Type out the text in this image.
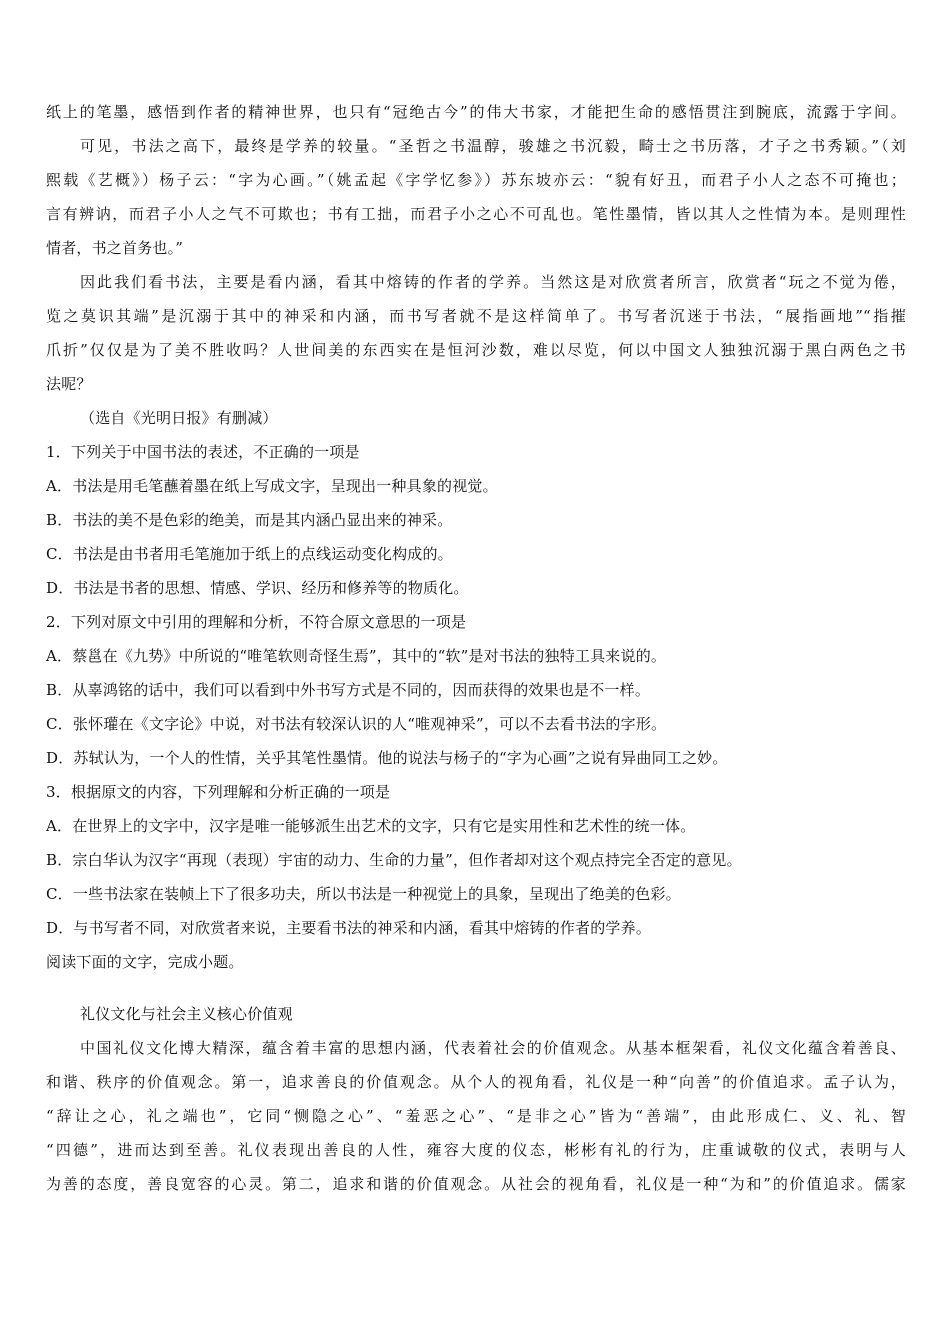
纸上的笔墨，感悟到作者的精神世界，也只有“冠绝古今”的伟大书家，才能把生命的感悟贯注到腕底，流露于字间。
可见，书法之高下，最终是学养的较量。“圣哲之书温醇，骏雄之书沉毅，畸士之书历落，才子之书秀颖。”（刘
熙载《艺概》）杨子云：“字为心画。”（姚孟起《字学忆参》）苏东坡亦云：“貌有好丑，而君子小人之态不可掩也；
言有辨讷，而君子小人之气不可欺也；书有工拙，而君子小之心不可乱也。笔性墨情，皆以其人之性情为本。是则理性
情者，书之首务也。”
因此我们看书法，主要是看内涵，看其中熔铸的作者的学养。当然这是对欣赏者所言，欣赏者“玩之不觉为倦，
览之莫识其端”是沉溺于其中的神采和内涵，而书写者就不是这样简单了。书写者沉迷于书法，“展指画地”“指摧
爪折”仅仅是为了美不胜收吗？人世间美的东西实在是恒河沙数，难以尽览，何以中国文人独独沉溺于黑白两色之书
法呢？
（选自《光明日报》有删减）
1．下列关于中国书法的表述，不正确的一项是
A．书法是用毛笔蘸着墨在纸上写成文字，呈现出一种具象的视觉。
B．书法的美不是色彩的绝美，而是其内涵凸显出来的神采。
C．书法是由书者用毛笔施加于纸上的点线运动变化构成的。
D．书法是书者的思想、情感、学识、经历和修养等的物质化。
2．下列对原文中引用的理解和分析，不符合原文意思的一项是
A．蔡邕在《九势》中所说的“唯笔软则奇怪生焉”，其中的“软”是对书法的独特工具来说的。
B．从辜鸿铭的话中，我们可以看到中外书写方式是不同的，因而获得的效果也是不一样。
C．张怀瓘在《文字论》中说，对书法有较深认识的人“唯观神采”，可以不去看书法的字形。
D．苏轼认为，一个人的性情，关乎其笔性墨情。他的说法与杨子的“字为心画”之说有异曲同工之妙。
3．根据原文的内容，下列理解和分析正确的一项是
A．在世界上的文字中，汉字是唯一能够派生出艺术的文字，只有它是实用性和艺术性的统一体。
B．宗白华认为汉字“再现（表现）宇宙的动力、生命的力量”，但作者却对这个观点持完全否定的意见。
C．一些书法家在装帧上下了很多功夫，所以书法是一种视觉上的具象，呈现出了绝美的色彩。
D．与书写者不同，对欣赏者来说，主要看书法的神采和内涵，看其中熔铸的作者的学养。
阅读下面的文字，完成小题。
礼仪文化与社会主义核心价值观
中国礼仪文化博大精深，蕴含着丰富的思想内涵，代表着社会的价值观念。从基本框架看，礼仪文化蕴含着善良、
和谐、秩序的价值观念。第一，追求善良的价值观念。从个人的视角看，礼仪是一种“向善”的价值追求。孟子认为，
“辞让之心，礼之端也”，它同“恻隐之心”、“羞恶之心”、“是非之心”皆为“善端”，由此形成仁、义、礼、智
“四德”，进而达到至善。礼仪表现出善良的人性，雍容大度的仪态，彬彬有礼的行为，庄重诚敬的仪式，表明与人
为善的态度，善良宽容的心灵。第二，追求和谐的价值观念。从社会的视角看，礼仪是一种“为和”的价值追求。儒家
